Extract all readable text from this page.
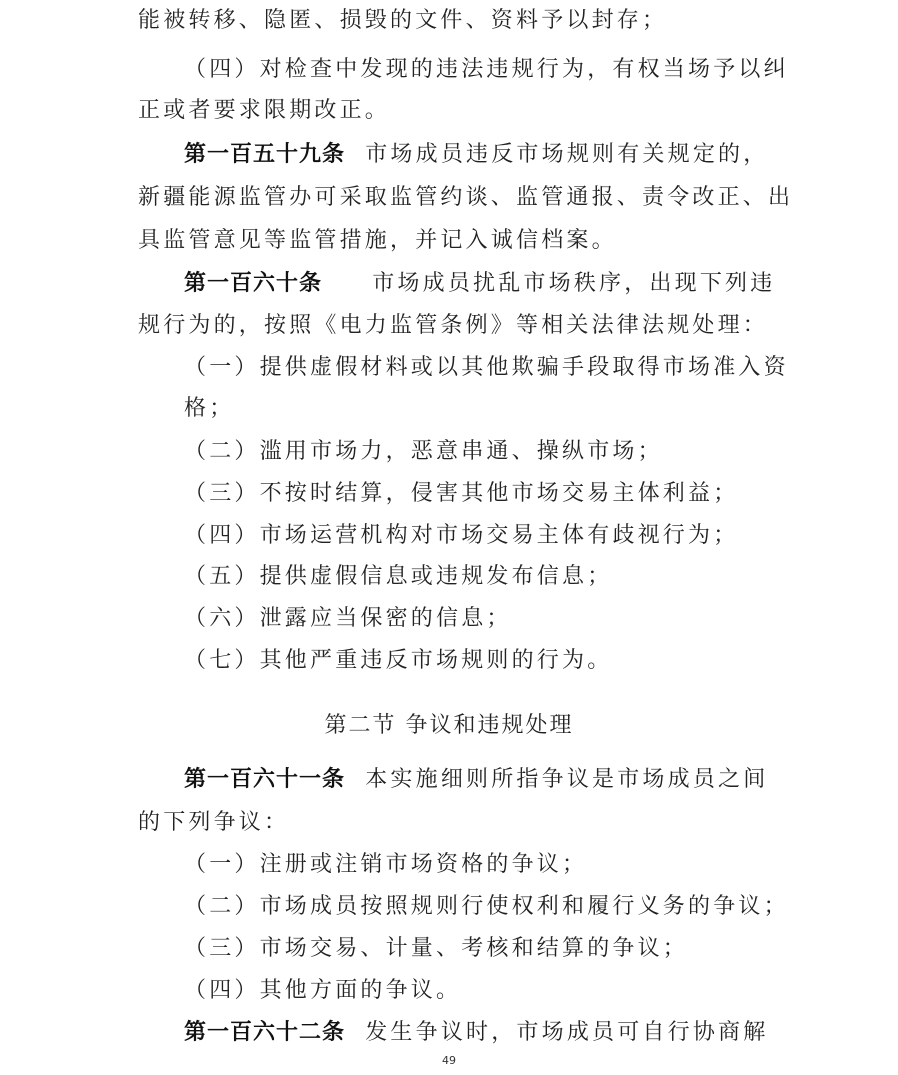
能被转移、隐匿、损毁的文件、资料予以封存；
（四）对检查中发现的违法违规行为，有权当场予以纠
正或者要求限期改正。
第一百五十九条 市场成员违反市场规则有关规定的，
新疆能源监管办可采取监管约谈、监管通报、责令改正、出
具监管意见等监管措施，并记入诚信档案。
第一百六十条 市场成员扰乱市场秩序，出现下列违
规行为的，按照《电力监管条例》等相关法律法规处理：
（一）提供虚假材料或以其他欺骗手段取得市场准入资
格；
（二）滥用市场力，恶意串通、操纵市场；
（三）不按时结算，侵害其他市场交易主体利益；
（四）市场运营机构对市场交易主体有歧视行为；
（五）提供虚假信息或违规发布信息；
（六）泄露应当保密的信息；
（七）其他严重违反市场规则的行为。
第二节 争议和违规处理
第一百六十一条 本实施细则所指争议是市场成员之间
的下列争议：
（一）注册或注销市场资格的争议；
（二）市场成员按照规则行使权利和履行义务的争议；
（三）市场交易、计量、考核和结算的争议；
（四）其他方面的争议。
第一百六十二条 发生争议时，市场成员可自行协商解
49
